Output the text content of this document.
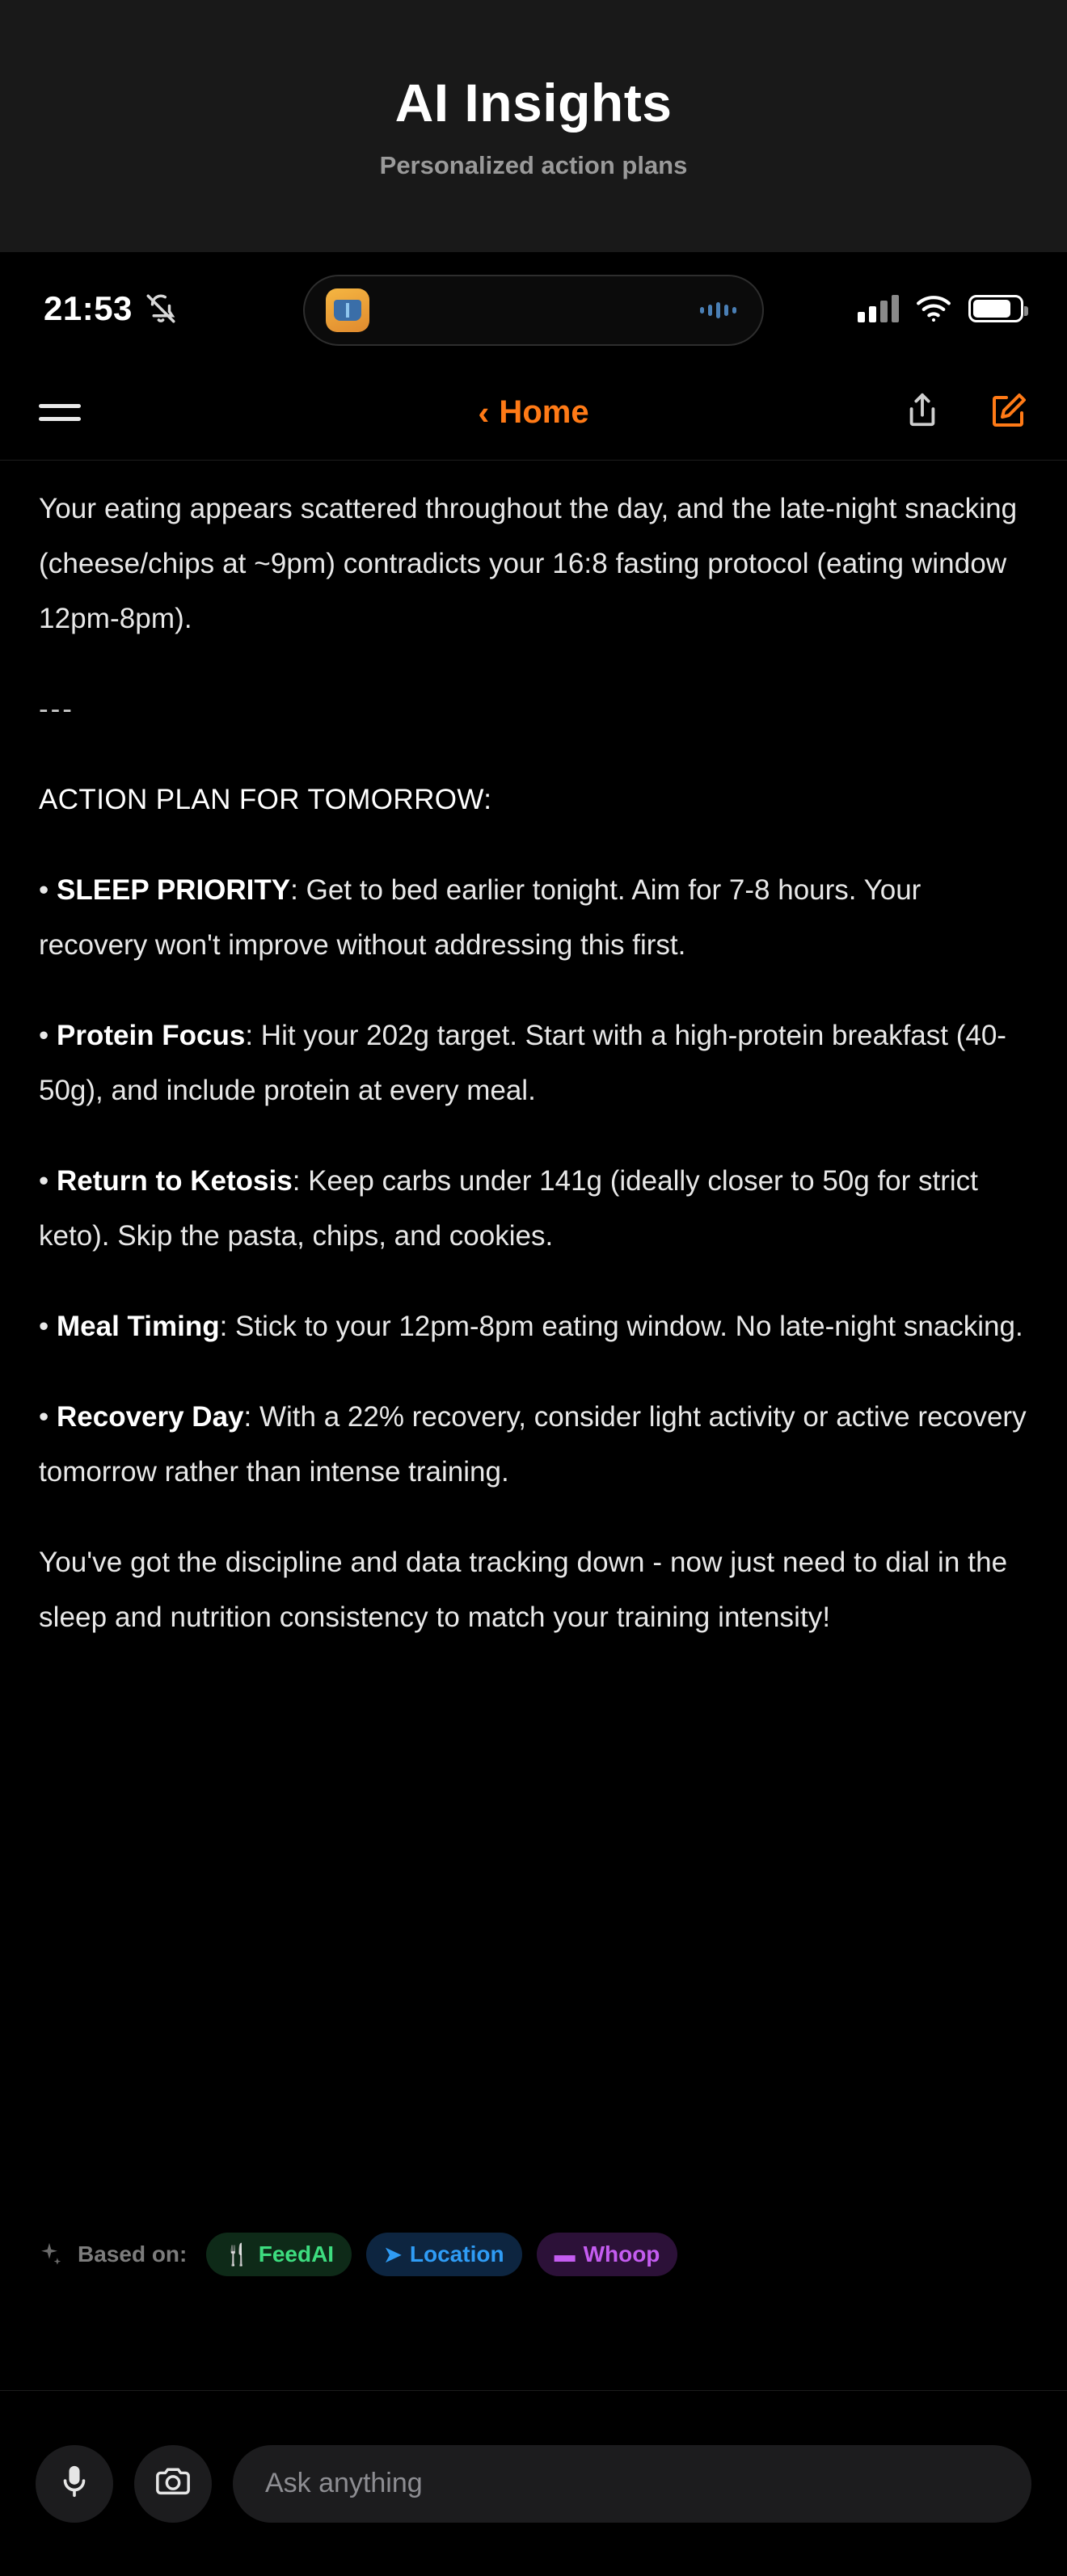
AI Insights
Personalized action plans
21:53
‹ Home
Your eating appears scattered throughout the day, and the late-night snacking (cheese/chips at ~9pm) contradicts your 16:8 fasting protocol (eating window 12pm-8pm).
---
ACTION PLAN FOR TOMORROW:
• SLEEP PRIORITY: Get to bed earlier tonight. Aim for 7-8 hours. Your recovery won't improve without addressing this first.
• Protein Focus: Hit your 202g target. Start with a high-protein breakfast (40-50g), and include protein at every meal.
• Return to Ketosis: Keep carbs under 141g (ideally closer to 50g for strict keto). Skip the pasta, chips, and cookies.
• Meal Timing: Stick to your 12pm-8pm eating window. No late-night snacking.
• Recovery Day: With a 22% recovery, consider light activity or active recovery tomorrow rather than intense training.
You've got the discipline and data tracking down - now just need to dial in the sleep and nutrition consistency to match your training intensity!
Based on: 🍴 FeedAI ➤ Location ▬ Whoop
Ask anything
